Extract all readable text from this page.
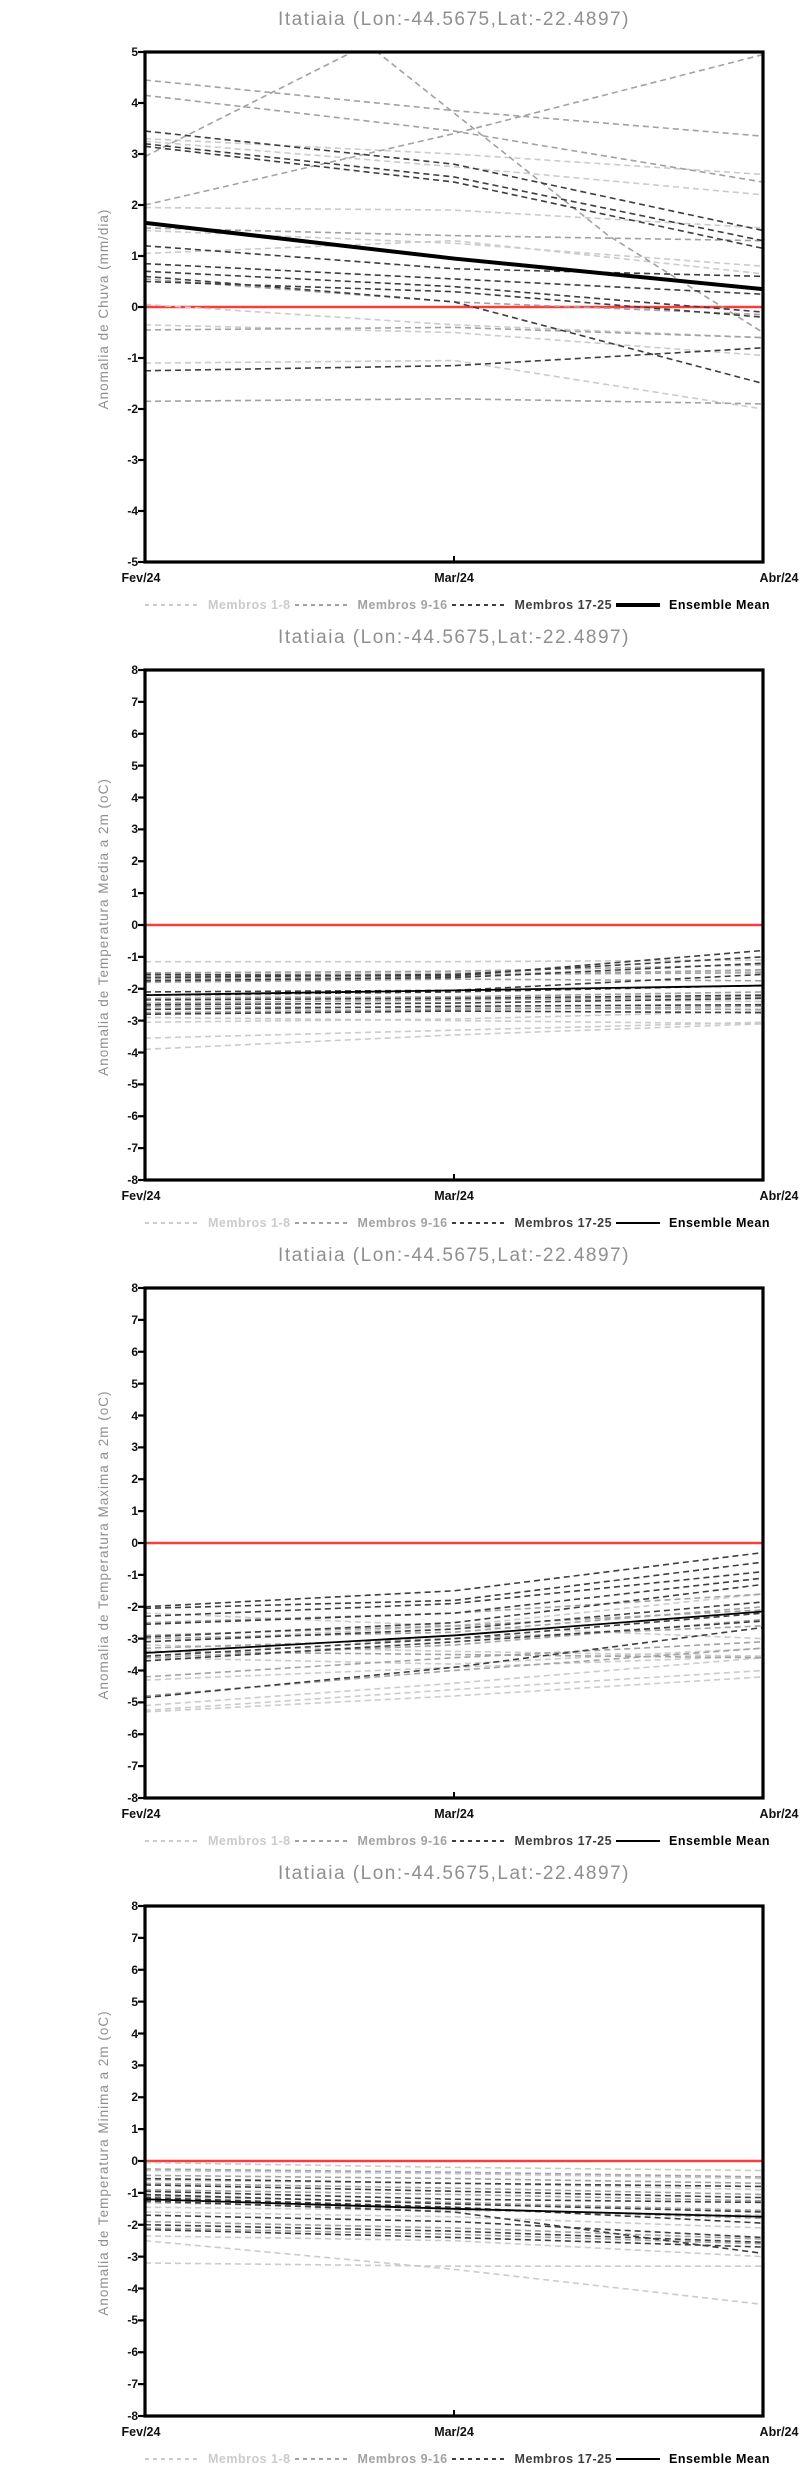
Itatiaia (Lon:-44.5675,Lat:-22.4897)
Anomalia de Chuva (mm/dia)
-5
-4
-3
-2
-1
0
1
2
3
4
5
Fev/24	Mar/24	Abr/24
Membros 1-8	Membros 9-16	Membros 17-25	Ensemble Mean
Itatiaia (Lon:-44.5675,Lat:-22.4897)
Anomalia de Temperatura Media a 2m (oC)
-8
-7
-6
-5
-4
-3
-2
-1
0
1
2
3
4
5
6
7
8
Fev/24	Mar/24	Abr/24
Membros 1-8	Membros 9-16	Membros 17-25	Ensemble Mean
Itatiaia (Lon:-44.5675,Lat:-22.4897)
Anomalia de Temperatura Maxima a 2m (oC)
-8
-7
-6
-5
-4
-3
-2
-1
0
1
2
3
4
5
6
7
8
Fev/24	Mar/24	Abr/24
Membros 1-8	Membros 9-16	Membros 17-25	Ensemble Mean
Itatiaia (Lon:-44.5675,Lat:-22.4897)
Anomalia de Temperatura Minima a 2m (oC)
-8
-7
-6
-5
-4
-3
-2
-1
0
1
2
3
4
5
6
7
8
Fev/24	Mar/24	Abr/24
Membros 1-8	Membros 9-16	Membros 17-25	Ensemble Mean
